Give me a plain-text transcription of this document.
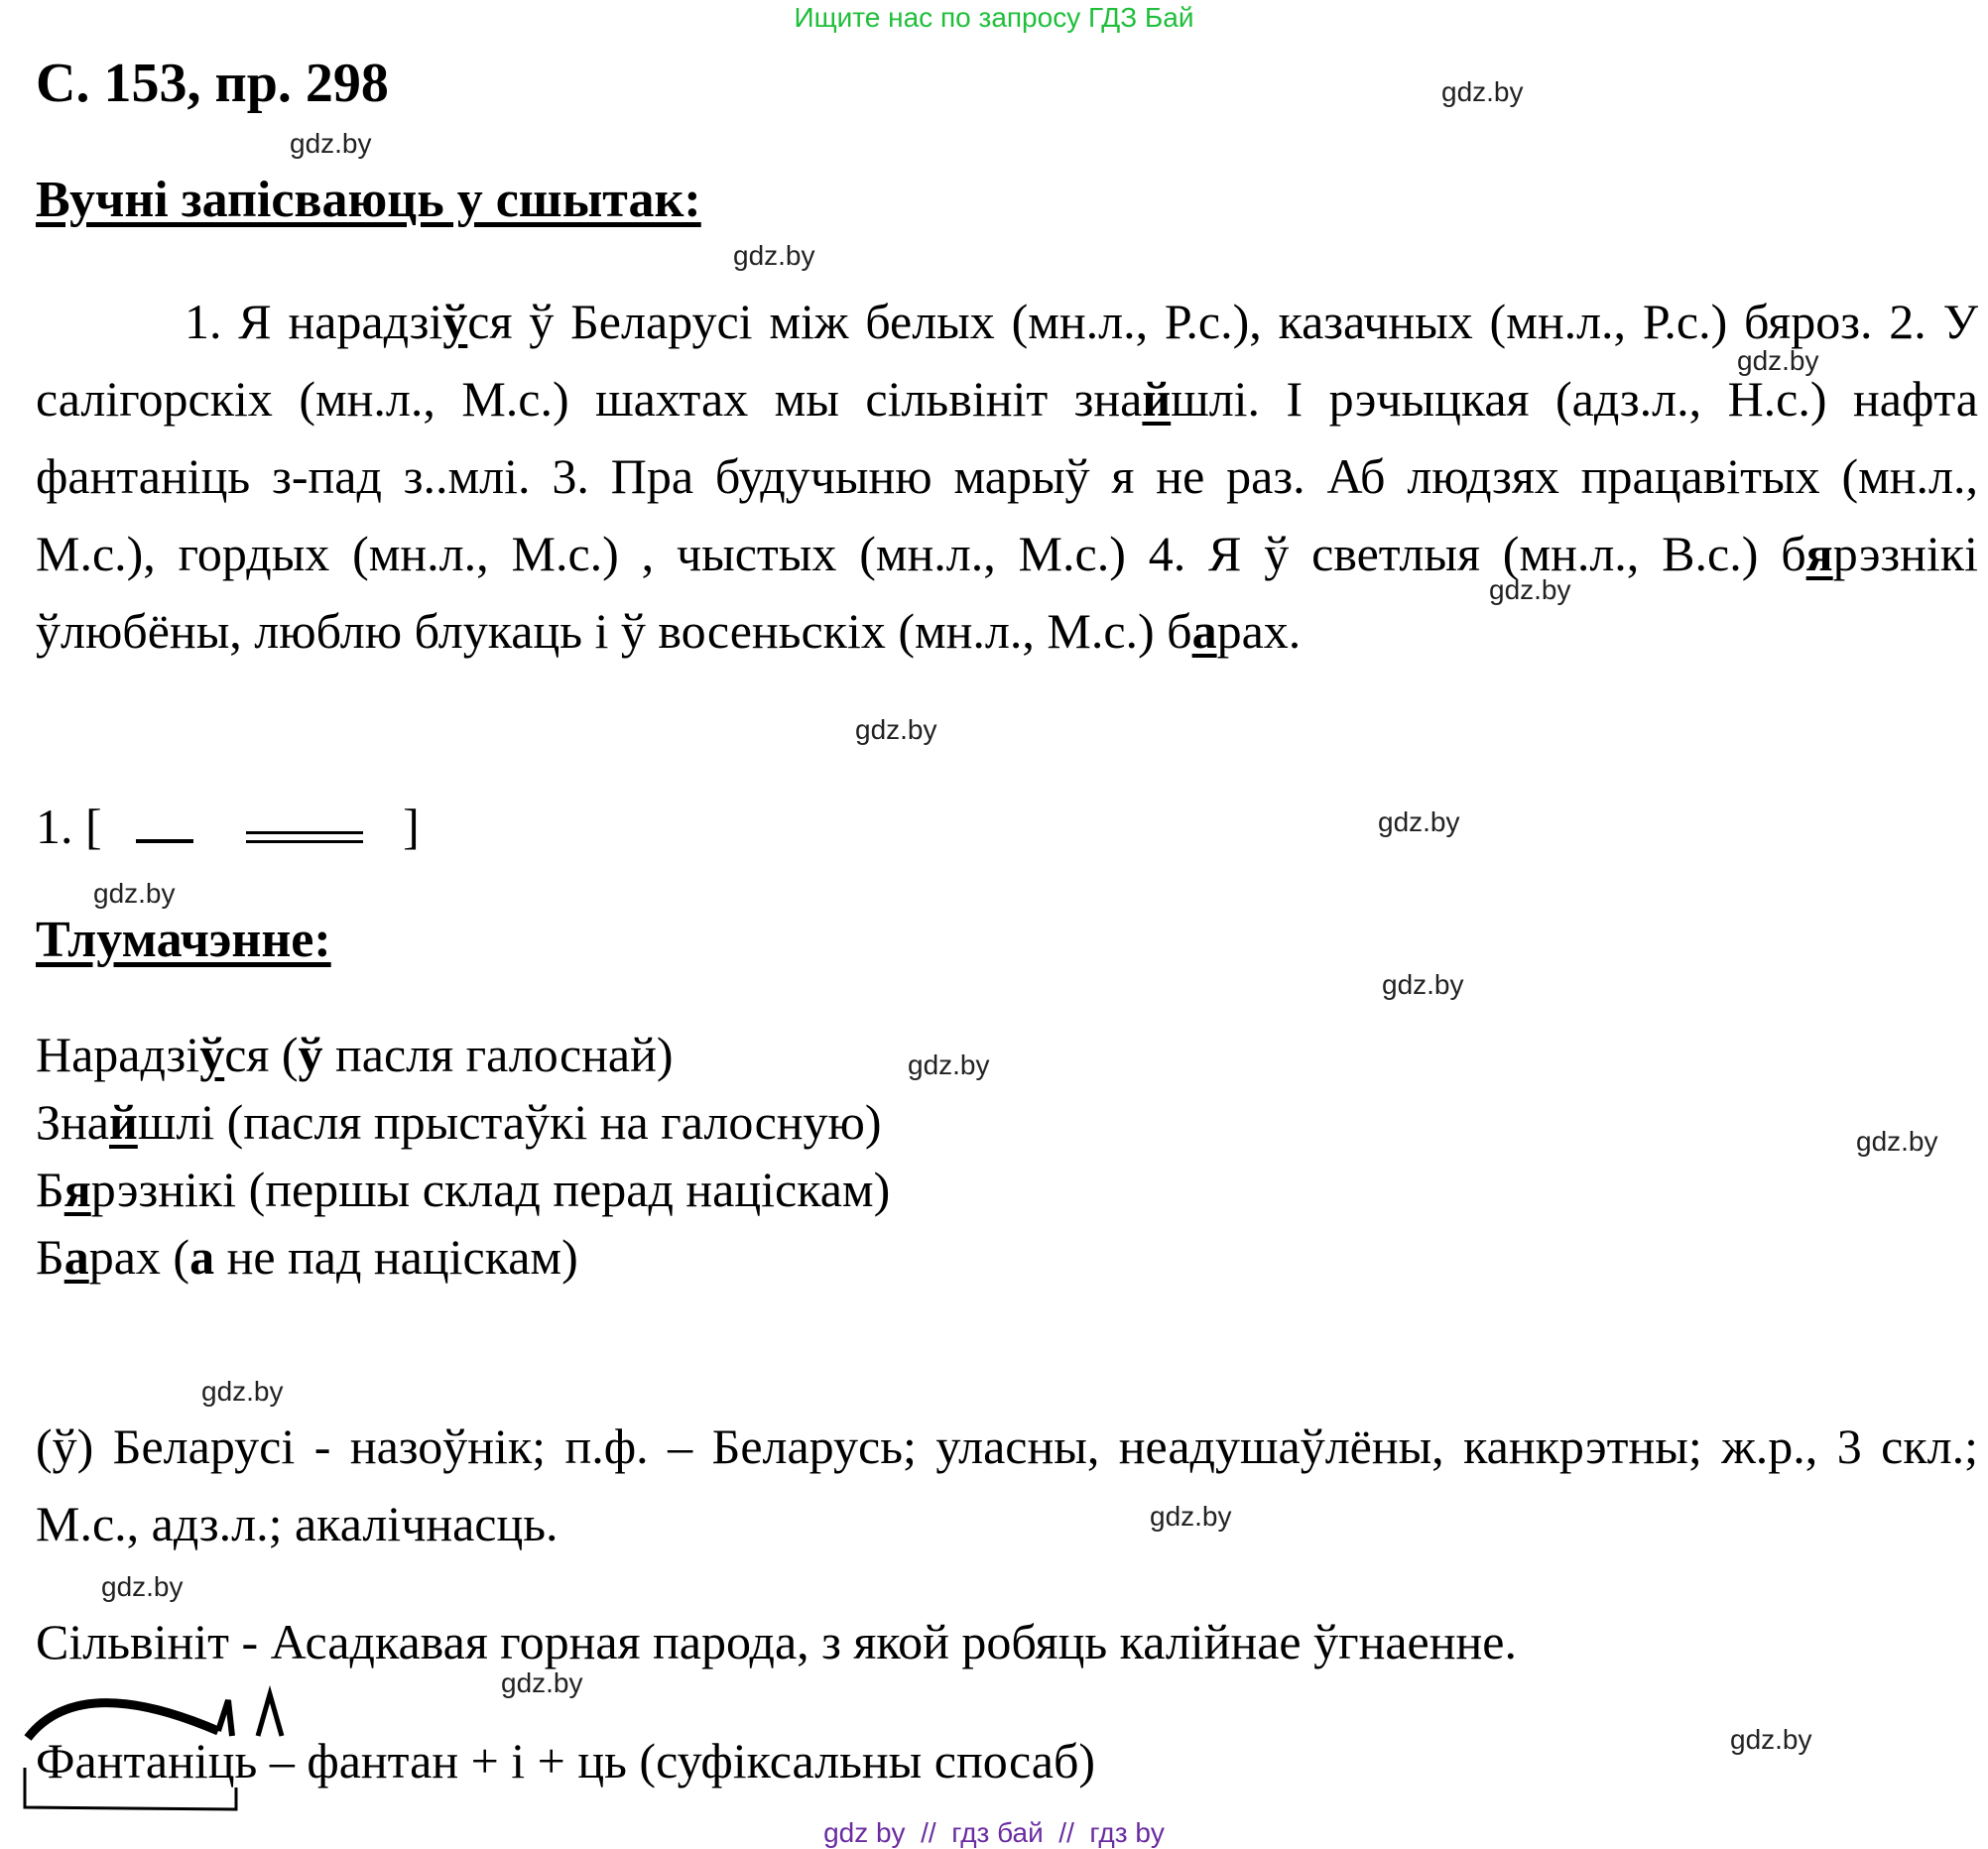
Ищите нас по запросу ГДЗ Бай
С. 153, пр. 298
Вучні запісваюць у сшытак:
1. Я нарадзіўся ў Беларусі між белых (мн.л., Р.с.), казачных (мн.л., Р.с.) бяроз. 2. У салігорскіх (мн.л., М.с.) шахтах мы сільвініт знайшлі. І рэчыцкая (адз.л., Н.с.) нафта фантаніць з-пад з..млі. 3. Пра будучыню марыў я не раз. Аб людзях працавітых (мн.л., М.с.), гордых (мн.л., М.с.) , чыстых (мн.л., М.с.) 4. Я ў светлыя (мн.л., В.с.) бярэзнікі ўлюбёны, люблю блукаць і ў восеньскіх (мн.л., М.с.) барах.
1. [	]
Тлумачэнне:
Нарадзіўся (ў пасля галоснай)
Знайшлі (пасля прыстаўкі на галосную)
Бярэзнікі (першы склад перад націскам)
Барах (а не пад націскам)
(ў) Беларусі - назоўнік; п.ф. – Беларусь; уласны, неадушаўлёны, канкрэтны; ж.р., 3 скл.; М.с., адз.л.; акалічнасць.
Сільвініт - Асадкавая горная парода, з якой робяць калійнае ўгнаенне.
Фантаніць – фантан + і + ць (суфіксальны спосаб)
gdz.by
gdz.by
gdz.by
gdz.by
gdz.by
gdz.by
gdz.by
gdz.by
gdz.by
gdz.by
gdz.by
gdz.by
gdz.by
gdz.by
gdz.by
gdz.by
gdz by  //  гдз бай  //  гдз by
